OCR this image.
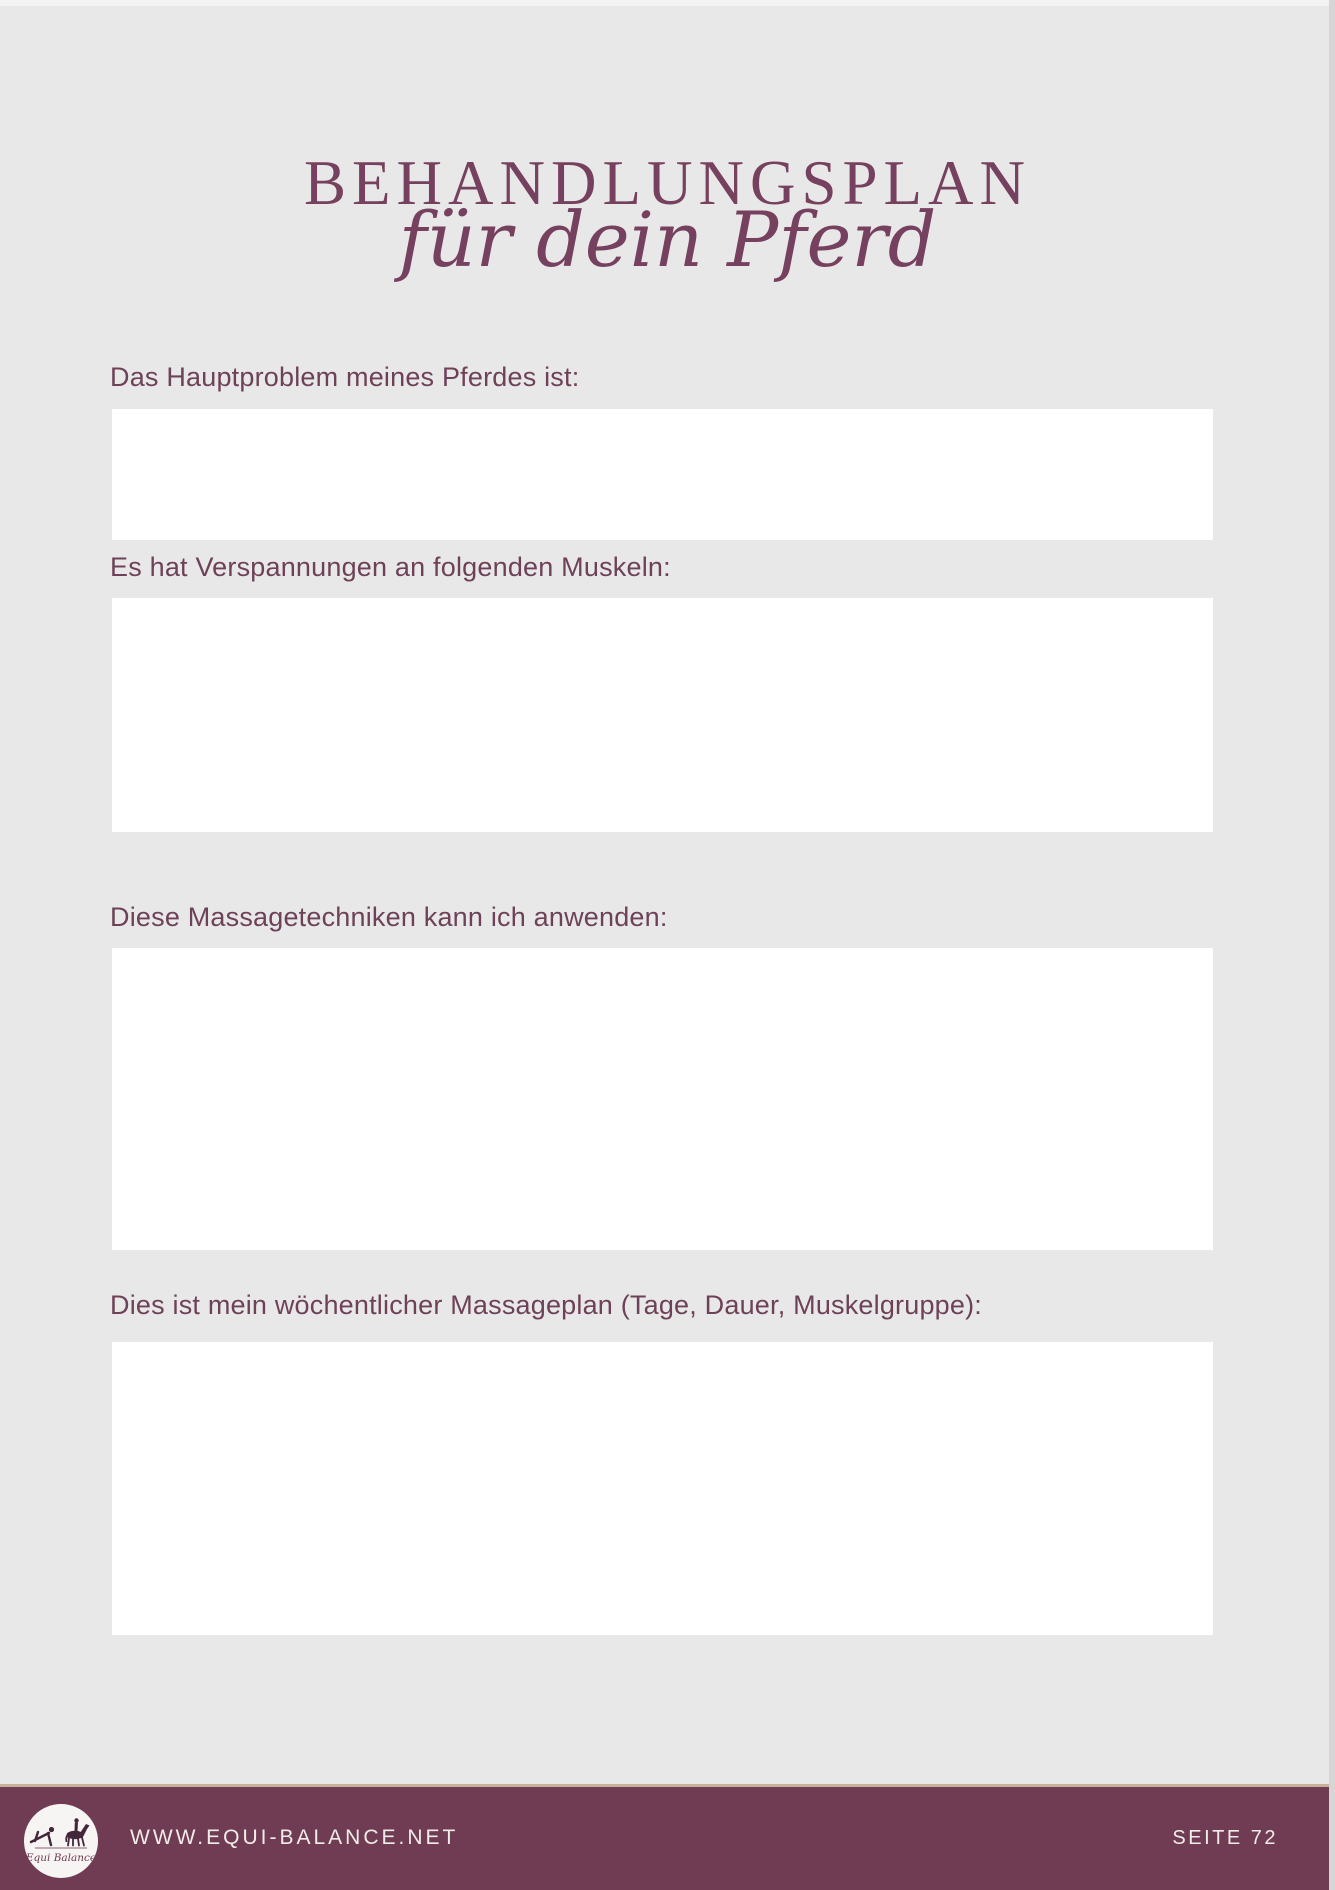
BEHANDLUNGSPLAN
für dein Pferd
Das Hauptproblem meines Pferdes ist:
Es hat Verspannungen an folgenden Muskeln:
Diese Massagetechniken kann ich anwenden:
Dies ist mein wöchentlicher Massageplan (Tage, Dauer, Muskelgruppe):
Equi Balance
WWW.EQUI-BALANCE.NET	SEITE 72
